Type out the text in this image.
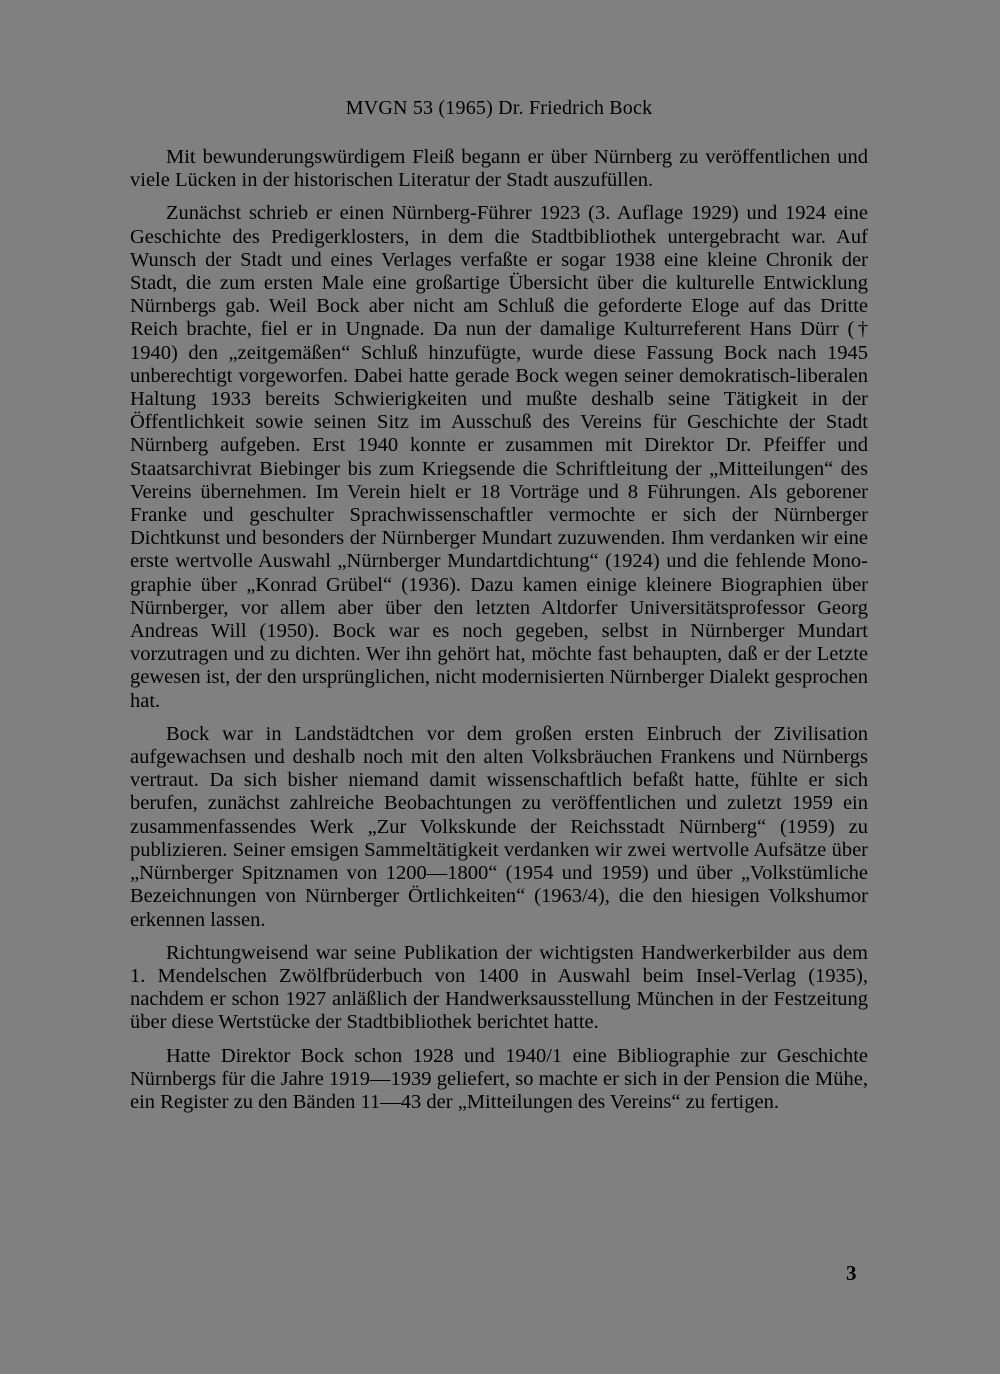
MVGN 53 (1965) Dr. Friedrich Bock

Mit bewunderungswürdigem Fleiß begann er über Nürnberg zu veröffentlichen und viele Lücken in der historischen Literatur der Stadt auszufüllen.

Zunächst schrieb er einen Nürnberg-Führer 1923 (3. Auflage 1929) und 1924 eine Geschichte des Predigerklosters, in dem die Stadtbibliothek untergebracht war. Auf Wunsch der Stadt und eines Verlages verfaßte er sogar 1938 eine kleine Chronik der Stadt, die zum ersten Male eine großartige Übersicht über die kulturelle Entwicklung Nürnbergs gab. Weil Bock aber nicht am Schluß die geforderte Eloge auf das Dritte Reich brachte, fiel er in Ungnade. Da nun der damalige Kulturreferent Hans Dürr († 1940) den „zeitgemäßen“ Schluß hinzufügte, wurde diese Fassung Bock nach 1945 unberechtigt vorgeworfen. Dabei hatte gerade Bock wegen seiner demokratisch-liberalen Haltung 1933 bereits Schwierigkeiten und mußte deshalb seine Tätigkeit in der Öffentlichkeit sowie seinen Sitz im Ausschuß des Vereins für Geschichte der Stadt Nürnberg aufgeben. Erst 1940 konnte er zusammen mit Direktor Dr. Pfeiffer und Staatsarchivrat Biebinger bis zum Kriegsende die Schriftleitung der „Mitteilungen“ des Vereins übernehmen. Im Verein hielt er 18 Vorträge und 8 Führungen. Als geborener Franke und geschulter Sprachwissenschaftler vermochte er sich der Nürnberger Dichtkunst und besonders der Nürnberger Mundart zuzuwenden. Ihm verdanken wir eine erste wertvolle Auswahl „Nürnberger Mundartdichtung“ (1924) und die fehlende Monographie über „Konrad Grübel“ (1936). Dazu kamen einige kleinere Biographien über Nürnberger, vor allem aber über den letzten Altdorfer Universitätsprofessor Georg Andreas Will (1950). Bock war es noch gegeben, selbst in Nürnberger Mundart vorzutragen und zu dichten. Wer ihn gehört hat, möchte fast behaupten, daß er der Letzte gewesen ist, der den ursprünglichen, nicht modernisierten Nürnberger Dialekt gesprochen hat.

Bock war in Landstädtchen vor dem großen ersten Einbruch der Zivilisation aufgewachsen und deshalb noch mit den alten Volksbräuchen Frankens und Nürnbergs vertraut. Da sich bisher niemand damit wissenschaftlich befaßt hatte, fühlte er sich berufen, zunächst zahlreiche Beobachtungen zu veröffentlichen und zuletzt 1959 ein zusammenfassendes Werk „Zur Volkskunde der Reichsstadt Nürnberg“ (1959) zu publizieren. Seiner emsigen Sammeltätigkeit verdanken wir zwei wertvolle Aufsätze über „Nürnberger Spitznamen von 1200—1800“ (1954 und 1959) und über „Volkstümliche Bezeichnungen von Nürnberger Örtlichkeiten“ (1963/4), die den hiesigen Volkshumor erkennen lassen.

Richtungweisend war seine Publikation der wichtigsten Handwerkerbilder aus dem 1. Mendelschen Zwölfbrüderbuch von 1400 in Auswahl beim Insel-Verlag (1935), nachdem er schon 1927 anläßlich der Handwerksausstellung München in der Festzeitung über diese Wertstücke der Stadtbibliothek berichtet hatte.

Hatte Direktor Bock schon 1928 und 1940/1 eine Bibliographie zur Geschichte Nürnbergs für die Jahre 1919—1939 geliefert, so machte er sich in der Pension die Mühe, ein Register zu den Bänden 11—43 der „Mitteilungen des Vereins“ zu fertigen.

3
